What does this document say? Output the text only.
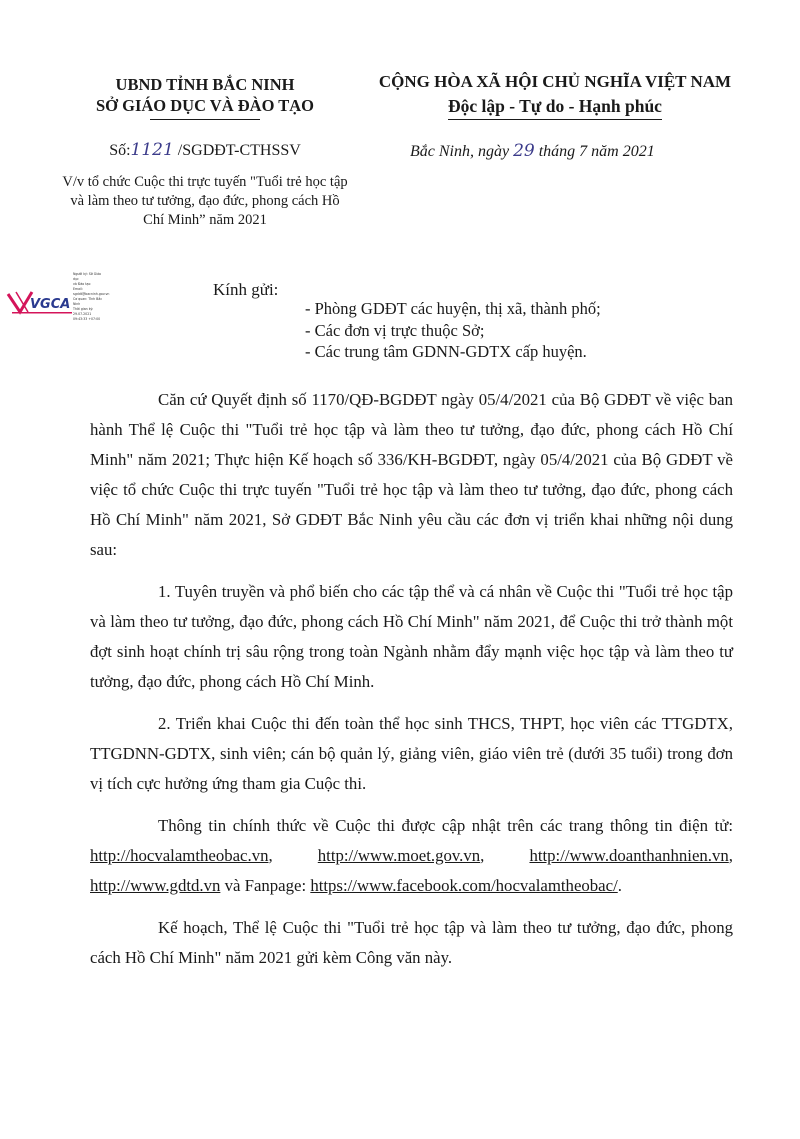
UBND TỈNH BẮC NINH
SỞ GIÁO DỤC VÀ ĐÀO TẠO
CỘNG HÒA XÃ HỘI CHỦ NGHĨA VIỆT NAM
Độc lập - Tự do - Hạnh phúc
Số:1121 /SGDĐT-CTHSSV	Bắc Ninh, ngày 29 tháng 7 năm 2021
V/v tổ chức Cuộc thi trực tuyến "Tuổi trẻ học tập và làm theo tư tưởng, đạo đức, phong cách Hồ Chí Minh” năm 2021
VGCA
Người ký: Sở Giáo dục
và Đào tạo
Email:
sgddt@bacninh.gov.vn
Cơ quan: Tỉnh Bắc Ninh
Thời gian ký: 29.07.2021
09:43:33 +07:00
Kính gửi:
- Phòng GDĐT các huyện, thị xã, thành phố;
- Các đơn vị trực thuộc Sở;
- Các trung tâm GDNN-GDTX cấp huyện.

Căn cứ Quyết định số 1170/QĐ-BGDĐT ngày 05/4/2021 của Bộ GDĐT về việc ban hành Thể lệ Cuộc thi "Tuổi trẻ học tập và làm theo tư tưởng, đạo đức, phong cách Hồ Chí Minh" năm 2021; Thực hiện Kế hoạch số 336/KH-BGDĐT, ngày 05/4/2021 của Bộ GDĐT về việc tổ chức Cuộc thi trực tuyến "Tuổi trẻ học tập và làm theo tư tưởng, đạo đức, phong cách Hồ Chí Minh" năm 2021, Sở GDĐT Bắc Ninh yêu cầu các đơn vị triển khai những nội dung sau:

1. Tuyên truyền và phổ biến cho các tập thể và cá nhân về Cuộc thi "Tuổi trẻ học tập và làm theo tư tưởng, đạo đức, phong cách Hồ Chí Minh" năm 2021, để Cuộc thi trở thành một đợt sinh hoạt chính trị sâu rộng trong toàn Ngành nhằm đẩy mạnh việc học tập và làm theo tư tưởng, đạo đức, phong cách Hồ Chí Minh.

2. Triển khai Cuộc thi đến toàn thể học sinh THCS, THPT, học viên các TTGDTX, TTGDNN-GDTX, sinh viên; cán bộ quản lý, giảng viên, giáo viên trẻ (dưới 35 tuổi) trong đơn vị tích cực hưởng ứng tham gia Cuộc thi.

Thông tin chính thức về Cuộc thi được cập nhật trên các trang thông tin điện tử: http://hocvalamtheobac.vn,  http://www.moet.gov.vn,  http://www.doanthanhnien.vn, http://www.gdtd.vn và Fanpage: https://www.facebook.com/hocvalamtheobac/.

Kế hoạch, Thể lệ Cuộc thi "Tuổi trẻ học tập và làm theo tư tưởng, đạo đức, phong cách Hồ Chí Minh" năm 2021 gửi kèm Công văn này.
